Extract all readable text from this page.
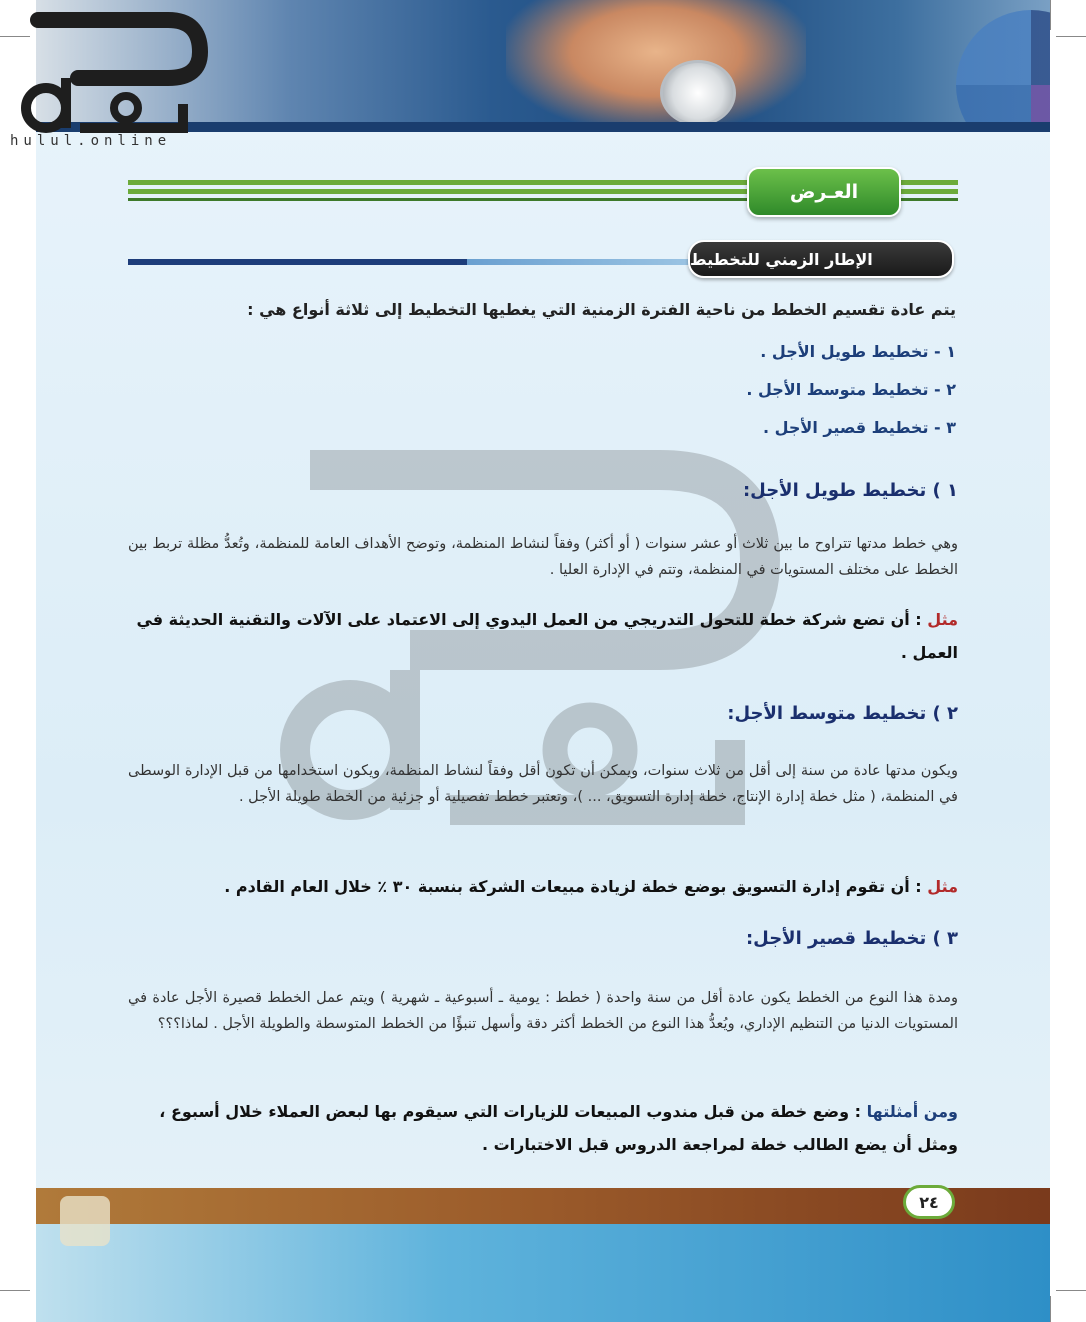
hulul.online
العـرض
الإطار الزمني للتخطيط
يتم عادة تقسيم الخطط من ناحية الفترة الزمنية التي يغطيها التخطيط إلى ثلاثة أنواع هي :
١ - تخطيط طويل الأجل .
٢ - تخطيط متوسط الأجل .
٣ - تخطيط قصير الأجل .
١ ) تخطيط طويل الأجل:
وهي خطط مدتها تتراوح ما بين ثلاث أو عشر سنوات ( أو أكثر) وفقاً لنشاط المنظمة، وتوضح الأهداف العامة للمنظمة، وتُعدُّ مظلة تربط بين الخطط على مختلف المستويات في المنظمة، وتتم في الإدارة العليا .
مثل : أن تضع شركة خطة للتحول التدريجي من العمل اليدوي إلى الاعتماد على الآلات والتقنية الحديثة في العمل .
٢ ) تخطيط متوسط الأجل:
ويكون مدتها عادة من سنة إلى أقل من ثلاث سنوات، ويمكن أن تكون أقل وفقاً لنشاط المنظمة، ويكون استخدامها من قبل الإدارة الوسطى في المنظمة، ( مثل خطة إدارة الإنتاج، خطة إدارة التسويق، ... )، وتعتبر خطط تفصيلية أو جزئية من الخطة طويلة الأجل .
مثل : أن تقوم إدارة التسويق بوضع خطة لزيادة مبيعات الشركة بنسبة ٣٠ ٪ خلال العام القادم .
٣ ) تخطيط قصير الأجل:
ومدة هذا النوع من الخطط يكون عادة أقل من سنة واحدة ( خطط : يومية ـ أسبوعية ـ شهرية ) ويتم عمل الخطط قصيرة الأجل عادة في المستويات الدنيا من التنظيم الإداري، ويُعدُّ هذا النوع من الخطط أكثر دقة وأسهل تنبؤًا من الخطط المتوسطة والطويلة الأجل . لماذا؟؟؟
ومن أمثلتها : وضع خطة من قبل مندوب المبيعات للزيارات التي سيقوم بها لبعض العملاء خلال أسبوع ، ومثل أن يضع الطالب خطة لمراجعة الدروس قبل الاختبارات .
٢٤
